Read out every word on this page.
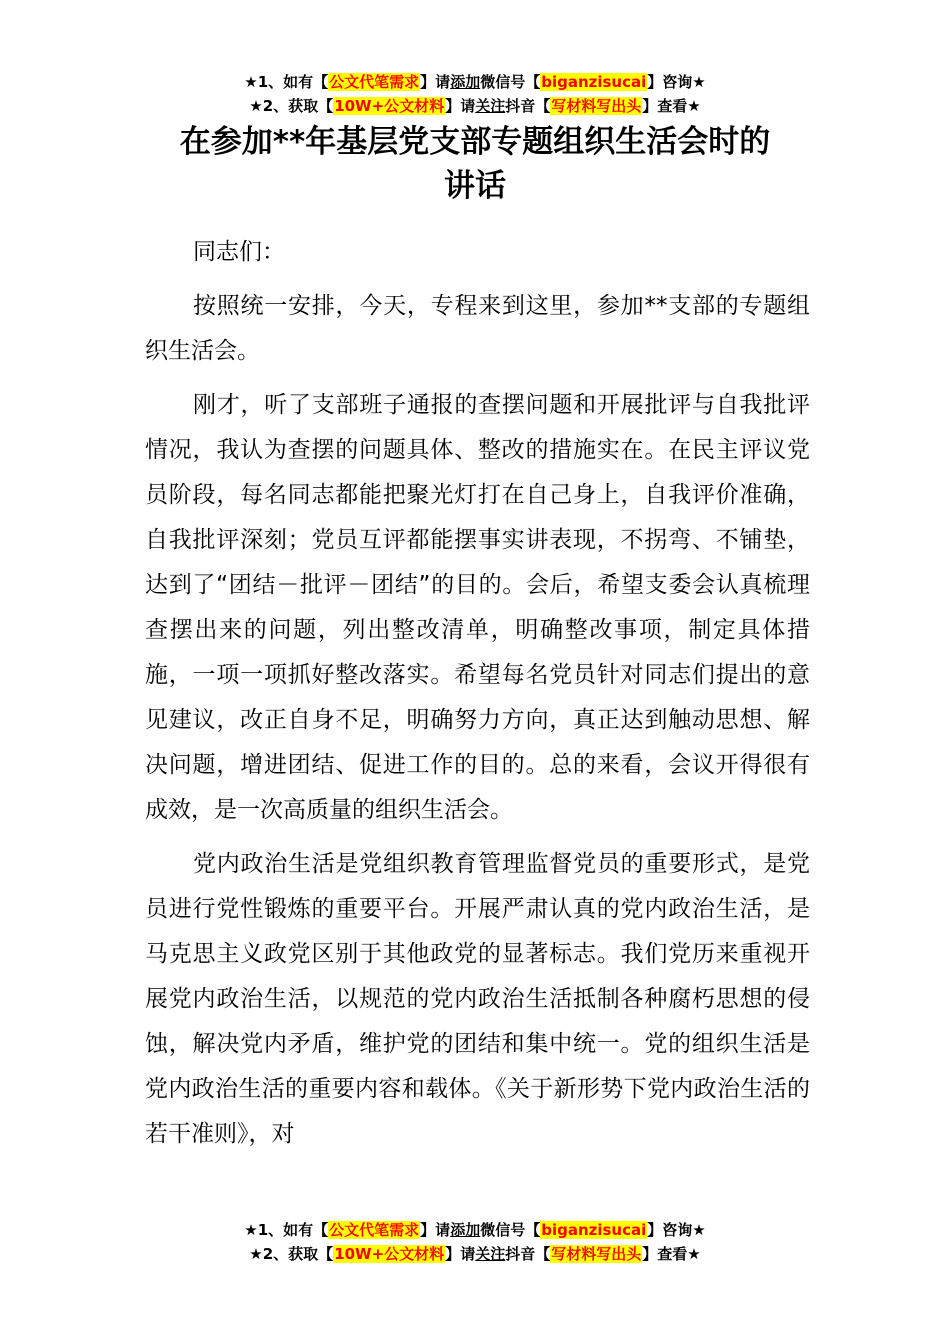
★1、如有【公文代笔需求】请添加微信号【biganzisucai】咨询★
★2、获取【10W+公文材料】请关注抖音【写材料写出头】查看★
在参加**年基层党支部专题组织生活会时的
讲话

同志们：

按照统一安排，今天，专程来到这里，参加**支部的专题组织生活会。

刚才，听了支部班子通报的查摆问题和开展批评与自我批评情况，我认为查摆的问题具体、整改的措施实在。在民主评议党员阶段，每名同志都能把聚光灯打在自己身上，自我评价准确，自我批评深刻；党员互评都能摆事实讲表现，不拐弯、不铺垫，达到了“团结－批评－团结”的目的。会后，希望支委会认真梳理查摆出来的问题，列出整改清单，明确整改事项，制定具体措施，一项一项抓好整改落实。希望每名党员针对同志们提出的意见建议，改正自身不足，明确努力方向，真正达到触动思想、解决问题，增进团结、促进工作的目的。总的来看，会议开得很有成效，是一次高质量的组织生活会。

党内政治生活是党组织教育管理监督党员的重要形式，是党员进行党性锻炼的重要平台。开展严肃认真的党内政治生活，是马克思主义政党区别于其他政党的显著标志。我们党历来重视开展党内政治生活，以规范的党内政治生活抵制各种腐朽思想的侵蚀，解决党内矛盾，维护党的团结和集中统一。党的组织生活是党内政治生活的重要内容和载体。《关于新形势下党内政治生活的若干准则》，对

★1、如有【公文代笔需求】请添加微信号【biganzisucai】咨询★
★2、获取【10W+公文材料】请关注抖音【写材料写出头】查看★
